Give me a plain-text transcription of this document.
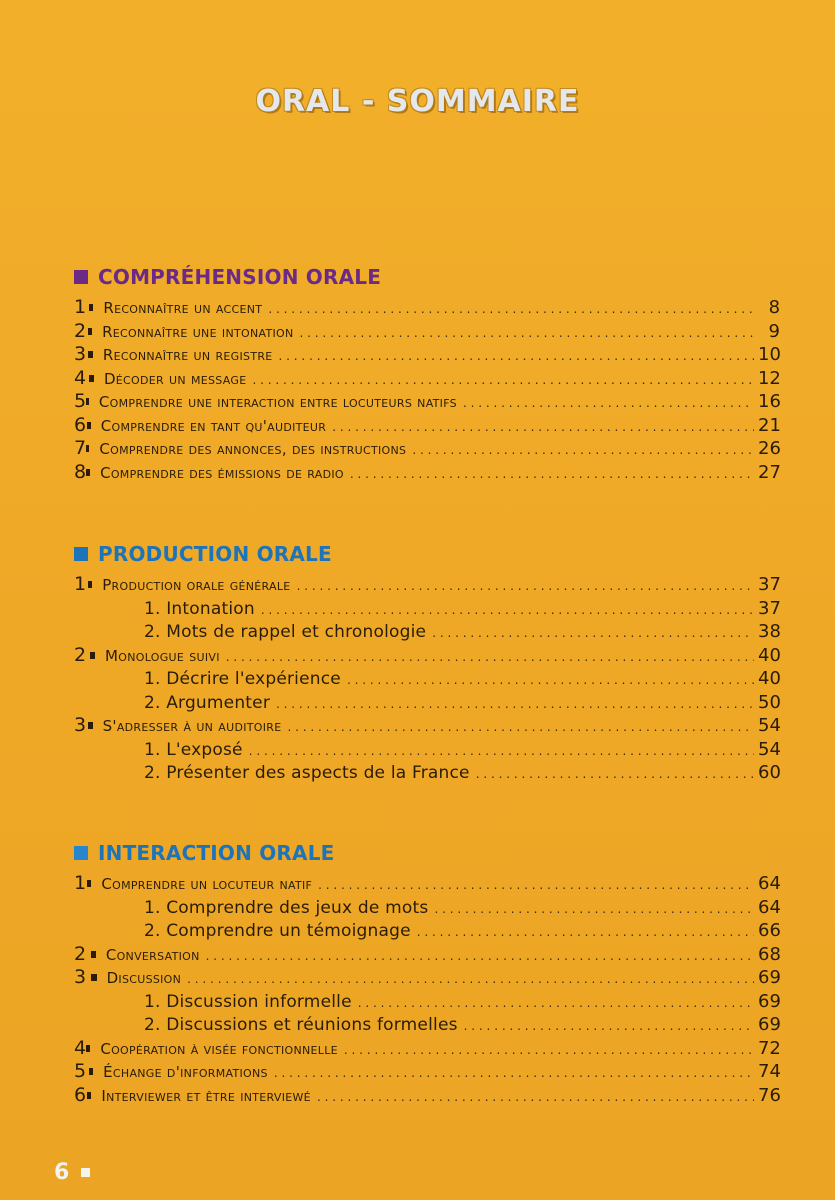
ORAL - SOMMAIRE
COMPRÉHENSION ORALE
1 Reconnaître un accent . . .	8
2 Reconnaître une intonation . . .	9
3 Reconnaître un registre . . .	10
4 Décoder un message . . .	12
5 Comprendre une interaction entre locuteurs natifs . . .	16
6 Comprendre en tant qu'auditeur . . .	21
7 Comprendre des annonces, des instructions . . .	26
8 Comprendre des émissions de radio . . .	27
PRODUCTION ORALE
1 Production orale générale . . .	37
1. Intonation . . .	37
2. Mots de rappel et chronologie . . .	38
2 Monologue suivi . . .	40
1. Décrire l'expérience . . .	40
2. Argumenter . . .	50
3 S'adresser à un auditoire . . .	54
1. L'exposé . . .	54
2. Présenter des aspects de la France . . .	60
INTERACTION ORALE
1 Comprendre un locuteur natif . . .	64
1. Comprendre des jeux de mots . . .	64
2. Comprendre un témoignage . . .	66
2 Conversation . . .	68
3	Discussion . . .	69
1. Discussion informelle . . .	69
2. Discussions et réunions formelles . . .	69
4 Coopération à visée fonctionnelle . . .	72
5 Échange d'informations . . .	74
6 Interviewer et être interviewé . . .	76
6
